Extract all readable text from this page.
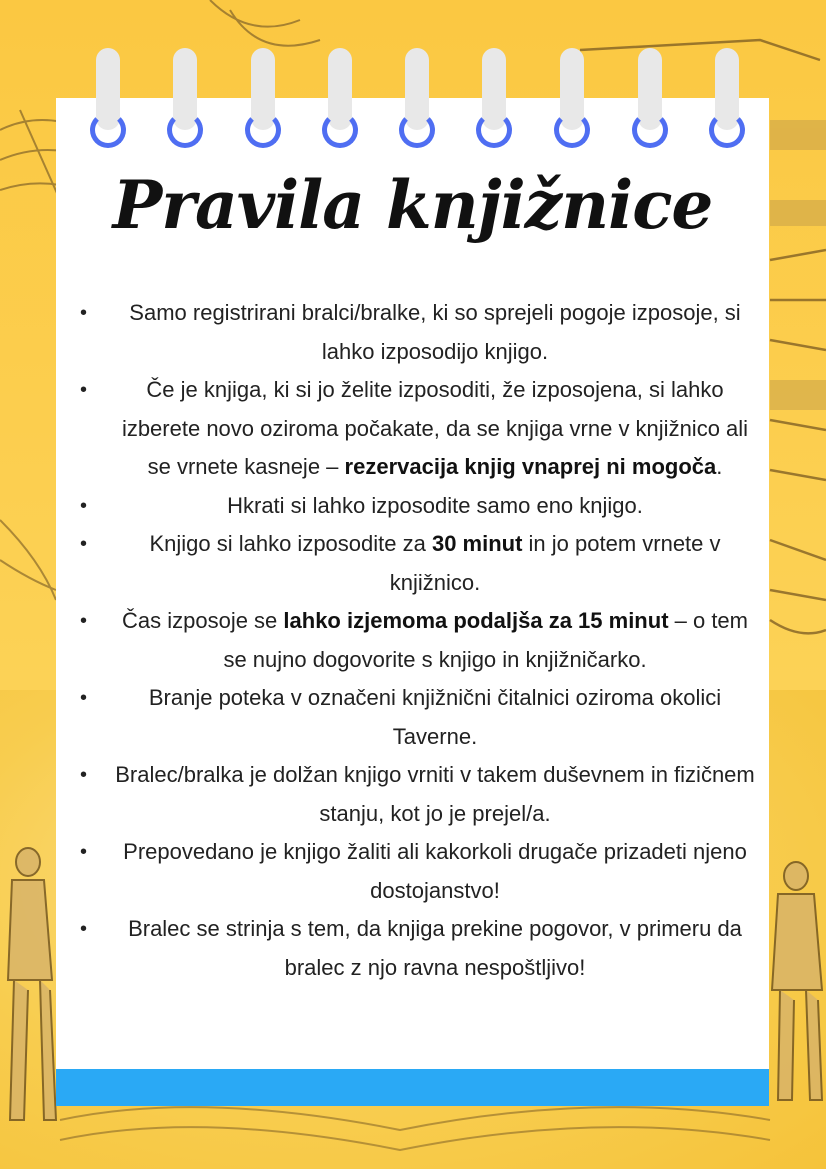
Pravila knjižnice
• Samo registrirani bralci/bralke, ki so sprejeli pogoje izposoje, si lahko izposodijo knjigo.
•	Če je knjiga, ki si jo želite izposoditi, že izposojena, si lahko izberete novo oziroma počakate, da se knjiga vrne v knjižnico ali se vrnete kasneje – rezervacija knjig vnaprej ni mogoča.
•	Hkrati si lahko izposodite samo eno knjigo.
•	Knjigo si lahko izposodite za 30 minut in jo potem vrnete v knjižnico.
• Čas izposoje se lahko izjemoma podaljša za 15 minut – o tem se nujno dogovorite s knjigo in knjižničarko.
•	Branje poteka v označeni knjižnični čitalnici oziroma okolici Taverne.
• Bralec/bralka je dolžan knjigo vrniti v takem duševnem in fizičnem stanju, kot jo je prejel/a.
• Prepovedano je knjigo žaliti ali kakorkoli drugače prizadeti njeno dostojanstvo!
• Bralec se strinja s tem, da knjiga prekine pogovor, v primeru da bralec z njo ravna nespoštljivo!
